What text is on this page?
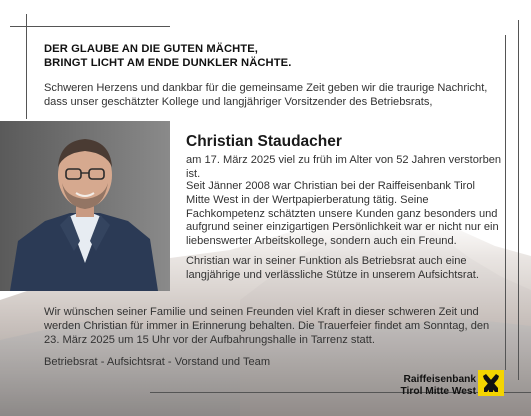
DER GLAUBE AN DIE GUTEN MÄCHTE,
BRINGT LICHT AM ENDE DUNKLER NÄCHTE.
Schweren Herzens und dankbar für die gemeinsame Zeit geben wir die traurige Nachricht, dass unser geschätzter Kollege und langjähriger Vorsitzender des Betriebsrats,
Christian Staudacher
am 17. März 2025 viel zu früh im Alter von 52 Jahren verstorben ist.
Seit Jänner 2008 war Christian bei der Raiffeisenbank Tirol Mitte West in der Wertpapierberatung tätig. Seine Fachkompetenz schätzten unsere Kunden ganz besonders und aufgrund seiner einzigartigen Persönlichkeit war er nicht nur ein liebenswerter Arbeitskollege, sondern auch ein Freund.
Christian war in seiner Funktion als Betriebsrat auch eine langjährige und verlässliche Stütze in unserem Aufsichtsrat.
Wir wünschen seiner Familie und seinen Freunden viel Kraft in dieser schweren Zeit und werden Christian für immer in Erinnerung behalten. Die Trauerfeier findet am Sonntag, den 23. März 2025 um 15 Uhr vor der Aufbahrungshalle in Tarrenz statt.
Betriebsrat - Aufsichtsrat - Vorstand und Team
Raiffeisenbank
Tirol Mitte West
